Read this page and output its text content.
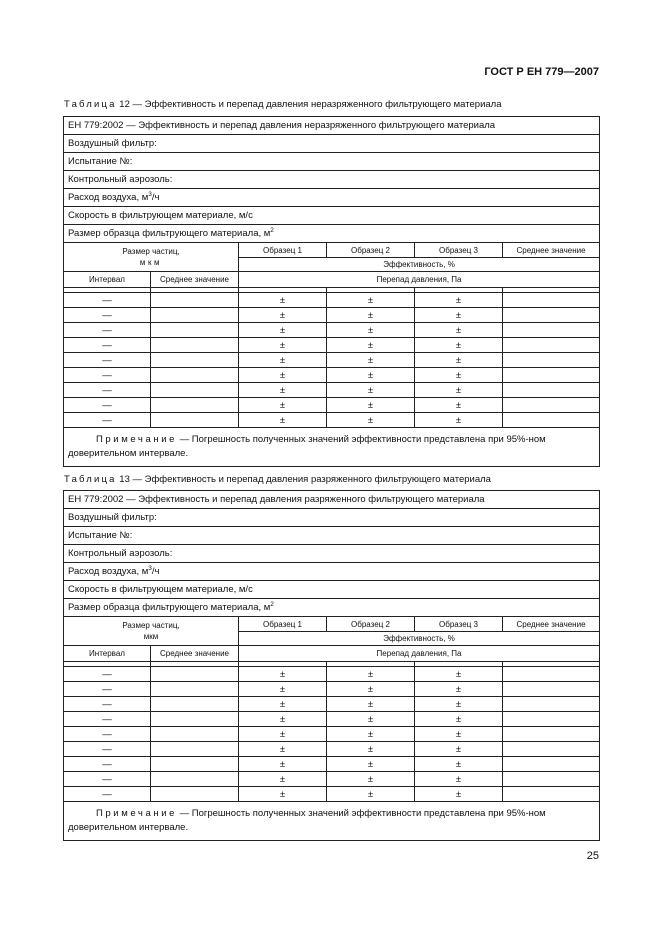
ГОСТ Р ЕН 779—2007
Таблица 12 — Эффективность и перепад давления неразряженного фильтрующего материала
ЕН 779:2002 — Эффективность и перепад давления неразряженного фильтрующего материала					
Воздушный фильтр:					
Испытание №:					
Контрольный аэрозоль:					
Расход воздуха, $м^3/ч$					
Скорость в фильтрующем материале, м/с					
Размер образца фильтрующего материала, $м^2$
Размер частиц,
мкм		Образец 1	Образец 2	Образец 3	Среднее значение
		Эффективность, %			
Интервал	Среднее значение	Перепад давления, Па			

—		±	±	±	
—		±	±	±	
—		±	±	±	
—		±	±	±	
—		±	±	±	
—		±	±	±	
—		±	±	±	
—		±	±	±	
—		±	±	±	
Примечание — Погрешность полученных значений эффективности представлена при 95%-ном доверительном интервале.					
Таблица 13 — Эффективность и перепад давления разряженного фильтрующего материала
ЕН 779:2002 — Эффективность и перепад давления разряженного фильтрующего материала					
Воздушный фильтр:					
Испытание №:					
Контрольный аэрозоль:					
Расход воздуха, $м^3/ч$					
Скорость в фильтрующем материале, м/с					
Размер образца фильтрующего материала, $м^2$
Размер частиц,
мкм		Образец 1	Образец 2	Образец 3	Среднее значение
		Эффективность, %			
Интервал	Среднее значение	Перепад давления, Па			

—		±	±	±	
—		±	±	±	
—		±	±	±	
—		±	±	±	
—		±	±	±	
—		±	±	±	
—		±	±	±	
—		±	±	±	
—		±	±	±	
Примечание — Погрешность полученных значений эффективности представлена при 95%-ном доверительном интервале.					
25
